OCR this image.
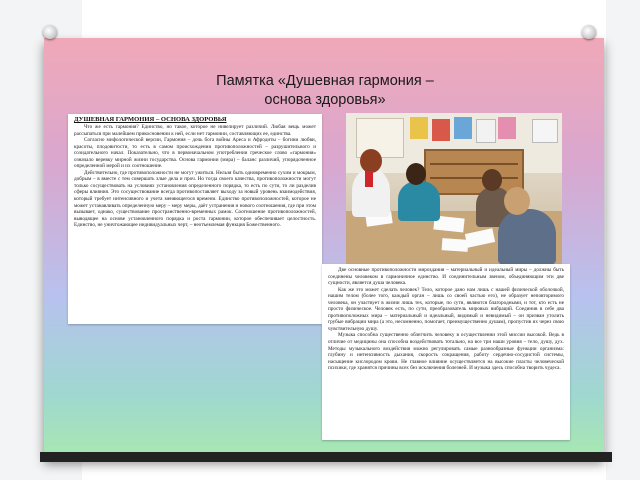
Памятка «Душевная гармония –
основа здоровья»
ДУШЕВНАЯ ГАРМОНИЯ – ОСНОВА ЗДОРОВЬЯ

Что же есть гармония? Единство, но такое, которое не нивелирует различий. Любая вещь может рассыпаться при малейшем прикосновении к ней, если нет гармонии, составляющих ее, единства.

Согласно мифологической версии, Гармония – дочь бога войны Ареса и Афродиты – богини любви, красоты, плодовитости, то есть в самом происхождении противоположностей – разрушительного и созидательного начал. Показательно, что в первоначальном употреблении греческое слово «гармония» означало веревку мирной жизни государства. Основа гармонии (мира) – баланс различий, упорядоченное определенной мерой и их соотношение.

Действительно, где противоположности не могут ужиться. Нельзя быть одновременно сухим и мокрым, добрым – в вместе с тем совершать злые дела и проч. Но тогда своего качества, противоположности могут только сосуществовать на условиях установления определенного порядка, то есть по сути, то ли разделив сферы влияния. Это сосуществование всегда противопоставляет выходу за новый уровень взаимодействия, который требует интенсивного и учета меняющегося времени. Единство противоположностей, которое не может устанавливать определенную меру – меру меры, даёт устранения и нового соотношения, где при этом вызывает, однако, существование пространственно-временных рамок. Соотношение противоположностей, выводящее на основе установленного порядка и роста гармонии, которое обеспечивает целостность. Единство, не уничтожающее индивидуальных черт, – неотъемлемая функция Божественного.

Две основные противоположности мироздания – материальный и идеальный миры – должны быть соединены человеком в гармоничное единство. И соединительным звеном, объединяющим эти две сущности, является душа человека.

Как же это может сделать человек? Тело, которое дано нам лишь с нашей физической оболочкой, нашим телом (более того, каждый орган – лишь со своей частью его), не образует неповторимого человека, он участвует в жизни лишь тех, которые, по сути, являются благородными, и тот, кто есть не просто физическое. Человек есть, по сути, преобразователь мировых вибраций. Соединив в себе два противоположных мира – материальный и идеальный, видимый и невидимый – он призван утолить грубые вибрации мира (а это, несомненно, помогает, преимущественно душам), пропустив их через свою чувствительную душу.

Музыка способна существенно облегчить человеку в осуществлении этой миссии высокой. Ведь в отличие от медицины она способна воздействовать тотально, на все три наши уровня – тело, душу, дух. Методы музыкального воздействия можно регулировать самые разнообразные функции организма: глубину и интенсивность дыхания, скорость сокращения, работу сердечно-сосудистой системы, насыщение кислородом крови. Не главное влияние осуществляется на высокие пласты человеческой психики, где хранятся причины всех без исключения болезней. И музыка здесь способна творить чудеса.
